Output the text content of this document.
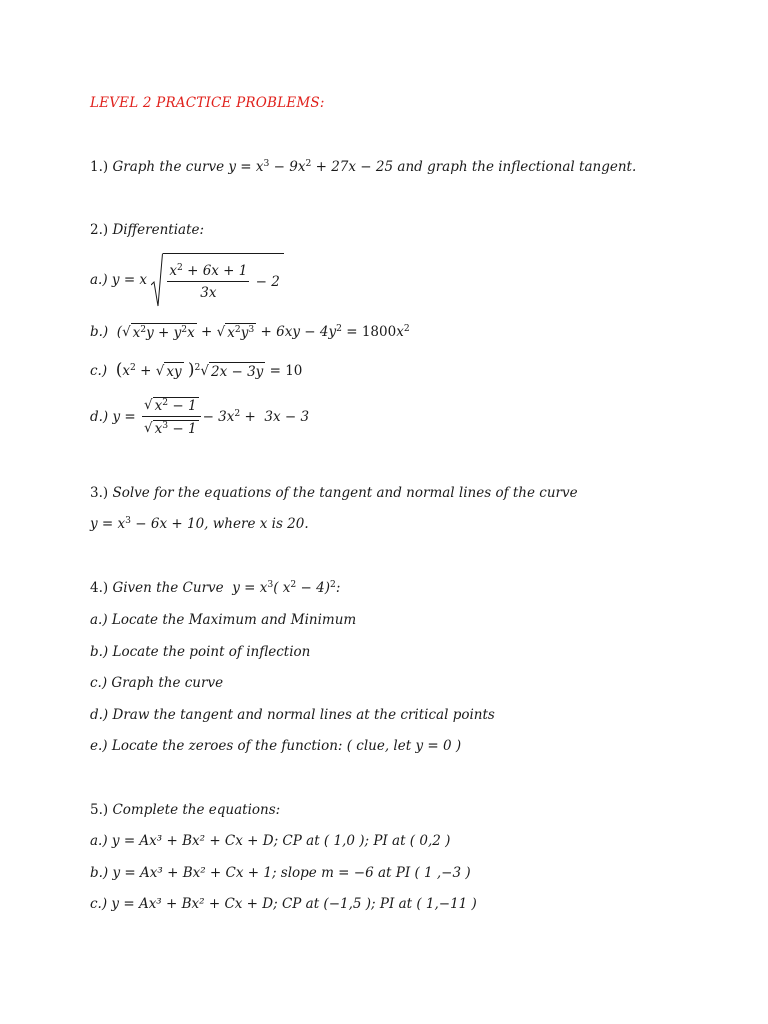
LEVEL 2 PRACTICE PROBLEMS:
1.) Graph the curve $y = x^3 - 9x^2 + 27x - 25$ and graph the inflectional tangent.
2.) Differentiate:
a.) y = x $\frac{x^2 + 6x + 1}{3x} - 2$
b.)  ( √ $x^2y + y^2x$ + √ $x^2y^3 + 6xy - 4y^2 = 1800x^2$
c.) ($x^2$ + √ xy )$^2$ √ 2x − 3y = 10
d.) $y = \frac{√ x^2 - 1}{√ x^3 - 1} - 3x^2 + 3x - 3$
3.) Solve for the equations of the tangent and normal lines of the curve
$y = x^3 - 6x + 10$, where x is 20.
4.) Given the Curve  $y = x^3$( $x^2 - 4)^2$:
a.) Locate the Maximum and Minimum
b.) Locate the point of inflection
c.) Graph the curve
d.) Draw the tangent and normal lines at the critical points
e.) Locate the zeroes of the function: ( clue, let y = 0 )
5.) Complete the equations:
a.) y = Ax³ + Bx² + Cx + D; CP at ( 1,0 ); PI at ( 0,2 )
b.) y = Ax³ + Bx² + Cx + 1; slope m = −6 at PI ( 1 ,−3 )
c.) y = Ax³ + Bx² + Cx + D; CP at (−1,5 ); PI at ( 1,−11 )
